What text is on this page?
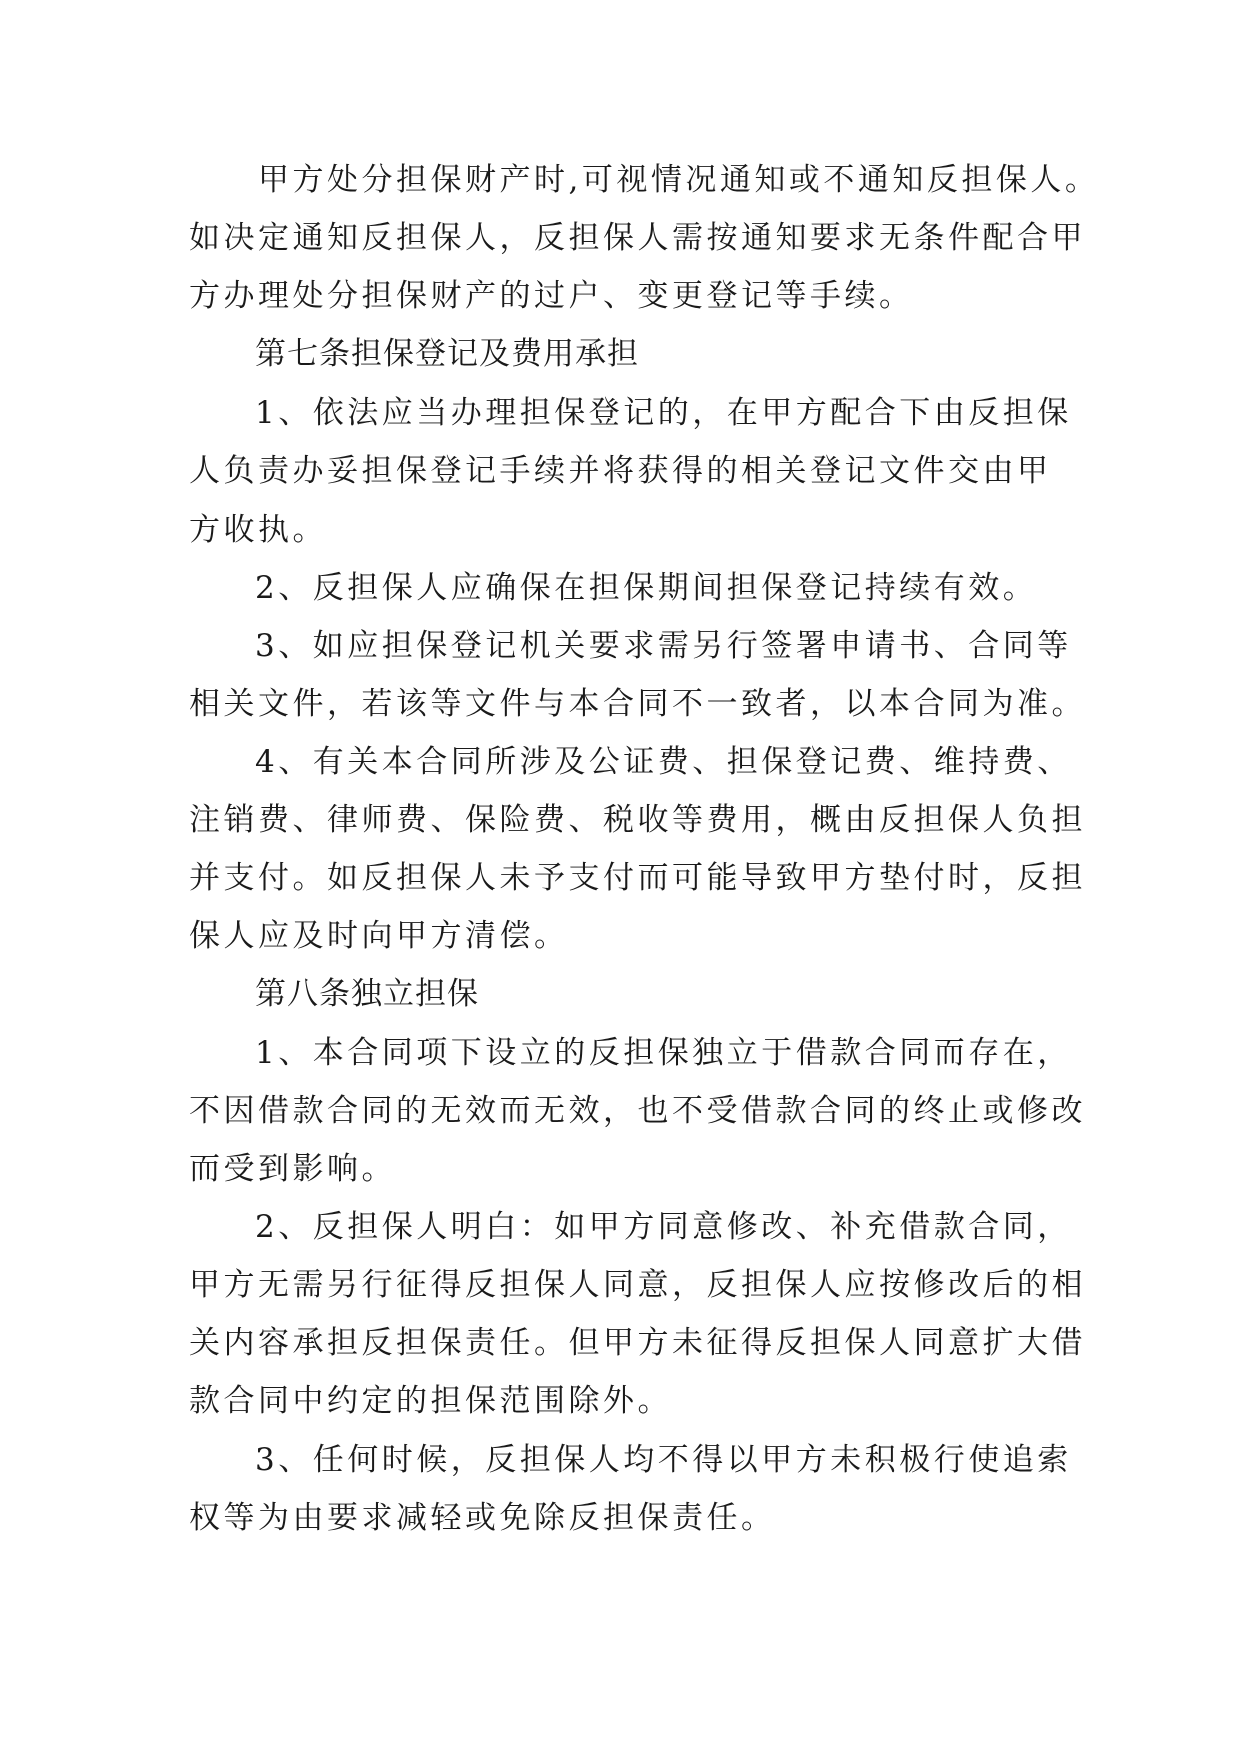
甲方处分担保财产时,可视情况通知或不通知反担保人。
如决定通知反担保人，反担保人需按通知要求无条件配合甲
方办理处分担保财产的过户、变更登记等手续。
第七条担保登记及费用承担
1、依法应当办理担保登记的，在甲方配合下由反担保
人负责办妥担保登记手续并将获得的相关登记文件交由甲
方收执。
2、反担保人应确保在担保期间担保登记持续有效。
3、如应担保登记机关要求需另行签署申请书、合同等
相关文件，若该等文件与本合同不一致者，以本合同为准。
4、有关本合同所涉及公证费、担保登记费、维持费、
注销费、律师费、保险费、税收等费用，概由反担保人负担
并支付。如反担保人未予支付而可能导致甲方垫付时，反担
保人应及时向甲方清偿。
第八条独立担保
1、本合同项下设立的反担保独立于借款合同而存在，
不因借款合同的无效而无效，也不受借款合同的终止或修改
而受到影响。
2、反担保人明白：如甲方同意修改、补充借款合同，
甲方无需另行征得反担保人同意，反担保人应按修改后的相
关内容承担反担保责任。但甲方未征得反担保人同意扩大借
款合同中约定的担保范围除外。
3、任何时候，反担保人均不得以甲方未积极行使追索
权等为由要求减轻或免除反担保责任。
